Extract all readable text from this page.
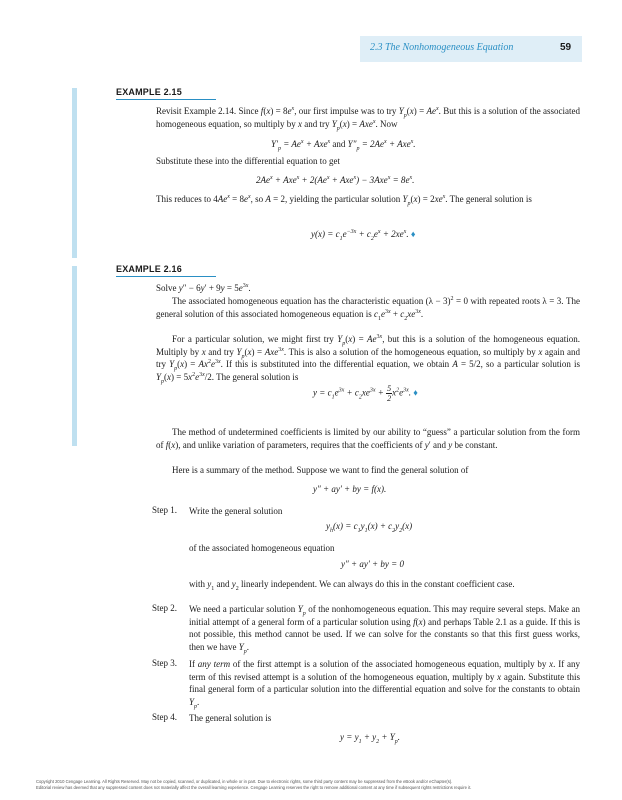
2.3 The Nonhomogeneous Equation	59
EXAMPLE 2.15
Revisit Example 2.14. Since $f(x) = 8e^x$, our first impulse was to try $Y_p(x) = Ae^x$. But this is a solution of the associated homogeneous equation, so multiply by x and try $Y_p(x) = Axe^x$. Now
$Y'_p = Ae^x + Axe^x$ and $Y''_p = 2Ae^x + Axe^x$.
Substitute these into the differential equation to get
$2Ae^x + Axe^x + 2(Ae^x + Axe^x) - 3Axe^x = 8e^x$.
This reduces to $4Ae^x = 8e^x$, so A = 2, yielding the particular solution $Y_p(x) = 2xe^x$. The general solution is
$y(x) = c_1e^{-3x} + c_2e^x + 2xe^x$. ♦
EXAMPLE 2.16
Solve $y'' - 6y' + 9y = 5e^{3x}$.
The associated homogeneous equation has the characteristic equation $(\lambda - 3)^2 = 0$ with repeated roots λ = 3. The general solution of this associated homogeneous equation is $c_1e^{3x} + c_2xe^{3x}$.
For a particular solution, we might first try $Y_p(x) = Ae^{3x}$, but this is a solution of the homogeneous equation. Multiply by x and try $Y_p(x) = Axe^{3x}$. This is also a solution of the homogeneous equation, so multiply by x again and try $Y_p(x) = Ax^2e^{3x}$. If this is substituted into the differential equation, we obtain A = 5/2, so a particular solution is $Y_p(x) = 5x^2e^{3x}/2$. The general solution is
$y = c_1e^{3x} + c_2xe^{3x} + \frac{5}{2} x^2e^{3x}$. ♦
The method of undetermined coefficients is limited by our ability to “guess” a particular solution from the form of f(x), and unlike variation of parameters, requires that the coefficients of y′ and y be constant.
Here is a summary of the method. Suppose we want to find the general solution of
y″ + ay′ + by = f(x).
Step 1. Write the general solution
$y_h(x) = c_1y_1(x) + c_2y_2(x)$
of the associated homogeneous equation
y″ + ay′ + by = 0
with $y_1$ and $y_2$ linearly independent. We can always do this in the constant coefficient case.
Step 2. We need a particular solution $Y_p$ of the nonhomogeneous equation. This may require several steps. Make an initial attempt of a general form of a particular solution using f(x) and perhaps Table 2.1 as a guide. If this is not possible, this method cannot be used. If we can solve for the constants so that this first guess works, then we have $Y_p$.
Step 3. If any term of the first attempt is a solution of the associated homogeneous equation, multiply by x. If any term of this revised attempt is a solution of the homogeneous equation, multiply by x again. Substitute this final general form of a particular solution into the differential equation and solve for the constants to obtain $Y_p$.
Step 4. The general solution is
$y = y_1 + y_2 + Y_p$.
Copyright 2010 Cengage Learning. All Rights Reserved. May not be copied, scanned, or duplicated, in whole or in part. Due to electronic rights, some third party content may be suppressed from the eBook and/or eChapter(s).
Editorial review has deemed that any suppressed content does not materially affect the overall learning experience. Cengage Learning reserves the right to remove additional content at any time if subsequent rights restrictions require it.
